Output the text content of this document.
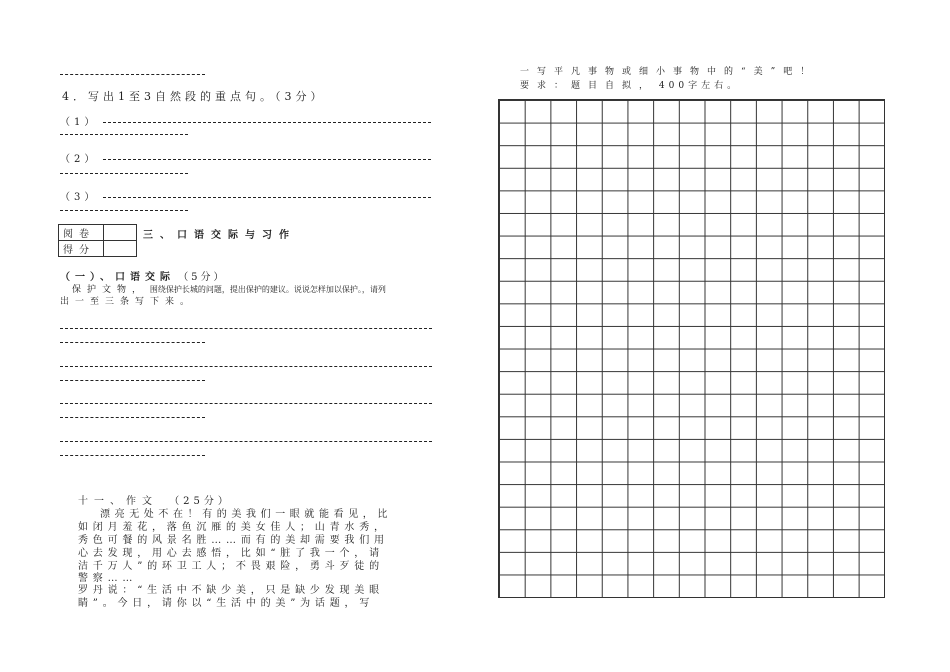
4．写出1至3自然段的重点句。（3分）
（1）
（2）
（3）
阅卷	
得分	
三、口语交际与习作
（一）、口语交际 （5分）
保护文物， 围绕保护长城的问题，提出保护的建议。说说怎样加以保护。，请列
出一至三条写下来。
十一、作文 （25分）
漂亮无处不在！有的美我们一眼就能看见，比
如闭月羞花，落鱼沉雁的美女佳人；山青水秀，
秀色可餐的风景名胜……而有的美却需要我们用
心去发现，用心去感悟，比如“脏了我一个，请
洁千万人”的环卫工人；不畏艰险，勇斗歹徒的
警察……
罗丹说：“生活中不缺少美，只是缺少发现美眼
睛”。今日，请你以“生活中的美”为话题，写
一写平凡事物或细小事物中的“美”吧！
要求：题目自拟， 400字左右。
